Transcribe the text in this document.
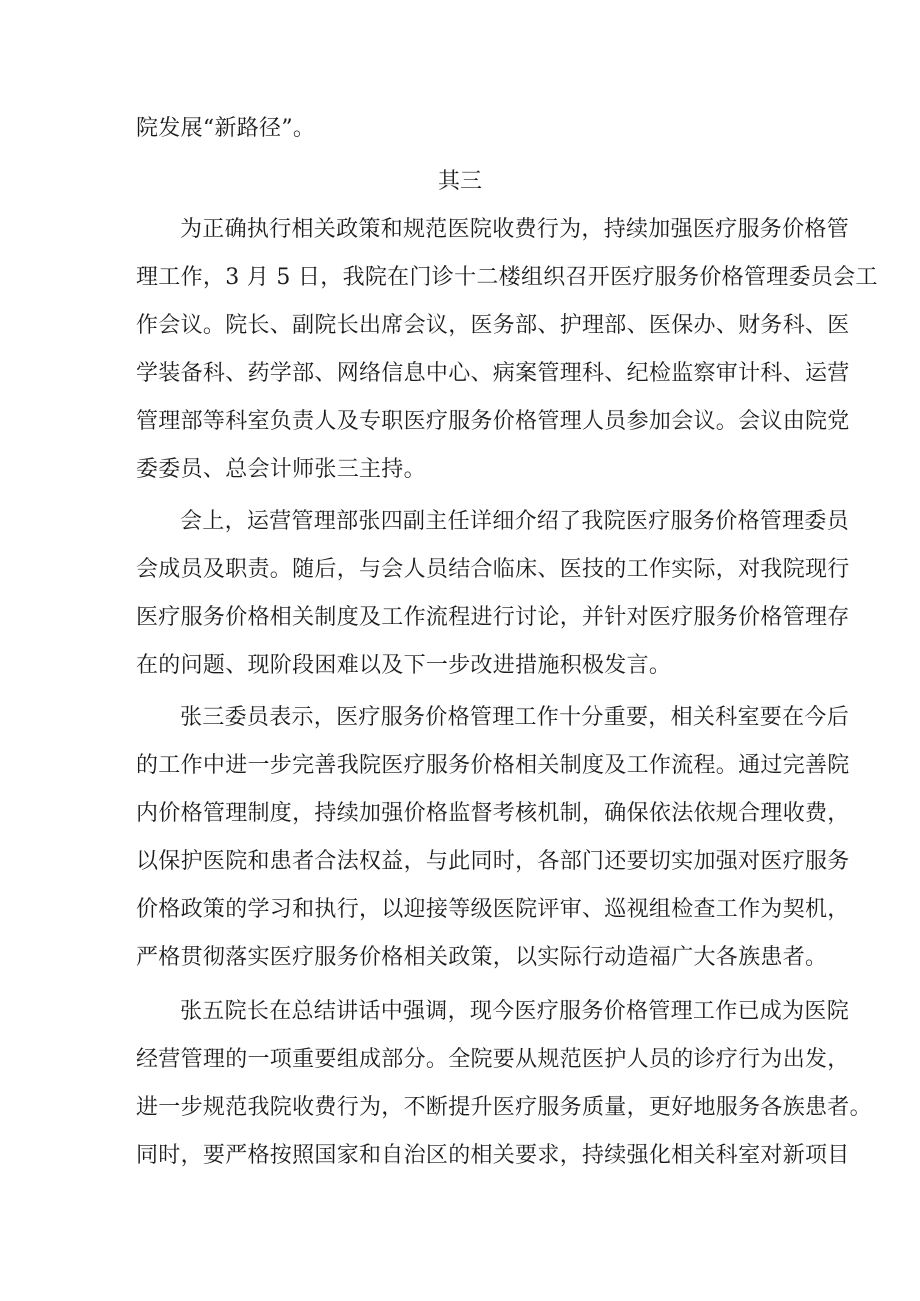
院发展“新路径”。
其三
为正确执行相关政策和规范医院收费行为，持续加强医疗服务价格管
理工作，3 月 5 日，我院在门诊十二楼组织召开医疗服务价格管理委员会工
作会议。院长、副院长出席会议，医务部、护理部、医保办、财务科、医
学装备科、药学部、网络信息中心、病案管理科、纪检监察审计科、运营
管理部等科室负责人及专职医疗服务价格管理人员参加会议。会议由院党
委委员、总会计师张三主持。
会上，运营管理部张四副主任详细介绍了我院医疗服务价格管理委员
会成员及职责。随后，与会人员结合临床、医技的工作实际，对我院现行
医疗服务价格相关制度及工作流程进行讨论，并针对医疗服务价格管理存
在的问题、现阶段困难以及下一步改进措施积极发言。
张三委员表示，医疗服务价格管理工作十分重要，相关科室要在今后
的工作中进一步完善我院医疗服务价格相关制度及工作流程。通过完善院
内价格管理制度，持续加强价格监督考核机制，确保依法依规合理收费，
以保护医院和患者合法权益，与此同时，各部门还要切实加强对医疗服务
价格政策的学习和执行，以迎接等级医院评审、巡视组检查工作为契机，
严格贯彻落实医疗服务价格相关政策，以实际行动造福广大各族患者。
张五院长在总结讲话中强调，现今医疗服务价格管理工作已成为医院
经营管理的一项重要组成部分。全院要从规范医护人员的诊疗行为出发，
进一步规范我院收费行为，不断提升医疗服务质量，更好地服务各族患者。
同时，要严格按照国家和自治区的相关要求，持续强化相关科室对新项目
